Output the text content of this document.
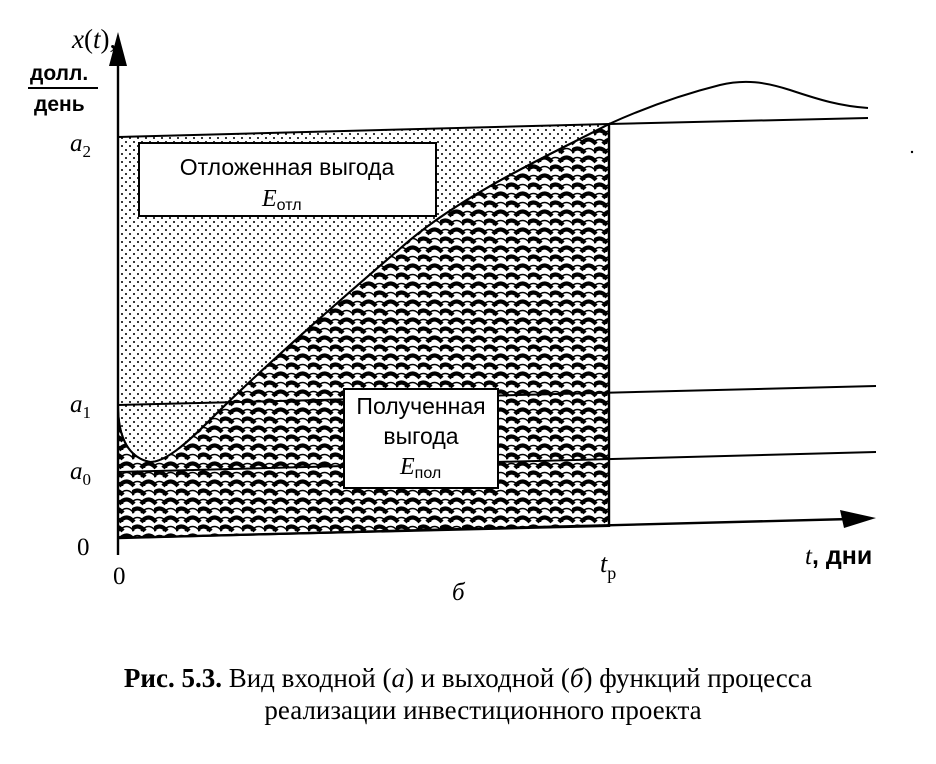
x(t),
долл.
день
$a_2$
$a_1$
$a_0$
0
0	$t_р$
t, дни
б
Отложенная выгода
Eотл
Полученная
выгода
Eпол
Рис. 5.3. Вид входной (а) и выходной (б) функций процесса
реализации инвестиционного проекта
